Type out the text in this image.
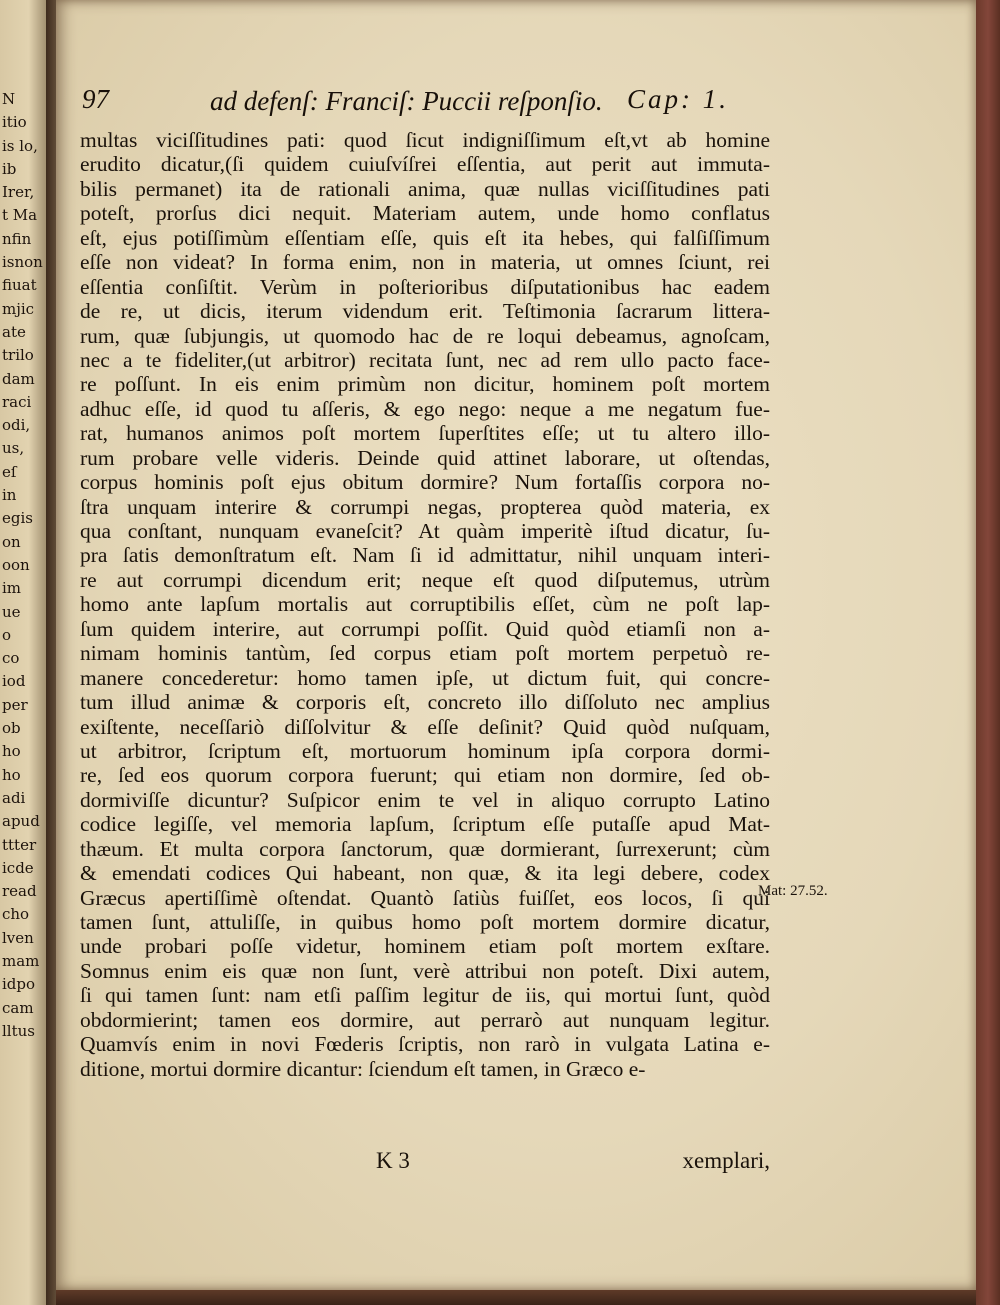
N
itio
is lo,
ib
Irer,
t Ma
nfin
isnon
fiuat
mjic
ate
trilo
dam
raci
odi,
us,
eſ
in
egis
on
oon
im
ue
o
co
iod
per
ob
ho
ho
adi
apud
ttter
icde
read
cho
lven
mam
idpo
cam
lltus
97	ad defenſ: Franciſ: Puccii reſponſio. Cap: 1.
multas viciſſitudines pati: quod ſicut indigniſſimum eſt,vt ab homine
erudito dicatur,(ſi quidem cuiuſvíſrei eſſentia, aut perit aut immuta-
bilis permanet) ita de rationali anima, quæ nullas viciſſitudines pati
poteſt, prorſus dici nequit. Materiam autem, unde homo conflatus
eſt, ejus potiſſimùm eſſentiam eſſe, quis eſt ita hebes, qui falſiſſimum
eſſe non videat? In forma enim, non in materia, ut omnes ſciunt, rei
eſſentia conſiſtit. Verùm in poſterioribus diſputationibus hac eadem
de re, ut dicis, iterum videndum erit. Teſtimonia ſacrarum littera-
rum, quæ ſubjungis, ut quomodo hac de re loqui debeamus, agnoſcam,
nec a te fideliter,(ut arbitror) recitata ſunt, nec ad rem ullo pacto face-
re poſſunt. In eis enim primùm non dicitur, hominem poſt mortem
adhuc eſſe, id quod tu aſſeris, & ego nego: neque a me negatum fue-
rat, humanos animos poſt mortem ſuperſtites eſſe; ut tu altero illo-
rum probare velle videris. Deinde quid attinet laborare, ut oſtendas,
corpus hominis poſt ejus obitum dormire? Num fortaſſis corpora no-
ſtra unquam interire & corrumpi negas, propterea quòd materia, ex
qua conſtant, nunquam evaneſcit? At quàm imperitè iſtud dicatur, ſu-
pra ſatis demonſtratum eſt. Nam ſi id admittatur, nihil unquam interi-
re aut corrumpi dicendum erit; neque eſt quod diſputemus, utrùm
homo ante lapſum mortalis aut corruptibilis eſſet, cùm ne poſt lap-
ſum quidem interire, aut corrumpi poſſit. Quid quòd etiamſi non a-
nimam hominis tantùm, ſed corpus etiam poſt mortem perpetuò re-
manere concederetur: homo tamen ipſe, ut dictum fuit, qui concre-
tum illud animæ & corporis eſt, concreto illo diſſoluto nec amplius
exiſtente, neceſſariò diſſolvitur & eſſe deſinit? Quid quòd nuſquam,
ut arbitror, ſcriptum eſt, mortuorum hominum ipſa corpora dormi-
re, ſed eos quorum corpora fuerunt; qui etiam non dormire, ſed ob-
dormiviſſe dicuntur? Suſpicor enim te vel in aliquo corrupto Latino
codice legiſſe, vel memoria lapſum, ſcriptum eſſe putaſſe apud Mat-
thæum. Et multa corpora ſanctorum, quæ dormierant, ſurrexerunt; cùm
& emendati codices Qui habeant, non quæ, & ita legi debere, codex
Græcus apertiſſimè oſtendat. Quantò ſatiùs fuiſſet, eos locos, ſi qui
tamen ſunt, attuliſſe, in quibus homo poſt mortem dormire dicatur,
unde probari poſſe videtur, hominem etiam poſt mortem exſtare.
Somnus enim eis quæ non ſunt, verè attribui non poteſt. Dixi autem,
ſi qui tamen ſunt: nam etſi paſſim legitur de iis, qui mortui ſunt, quòd
obdormierint; tamen eos dormire, aut perrarò aut nunquam legitur.
Quamvís enim in novi Fœderis ſcriptis, non rarò in vulgata Latina e-
ditione, mortui dormire dicantur: ſciendum eſt tamen, in Græco e-
Mat: 27.52.
K 3	xemplari,
